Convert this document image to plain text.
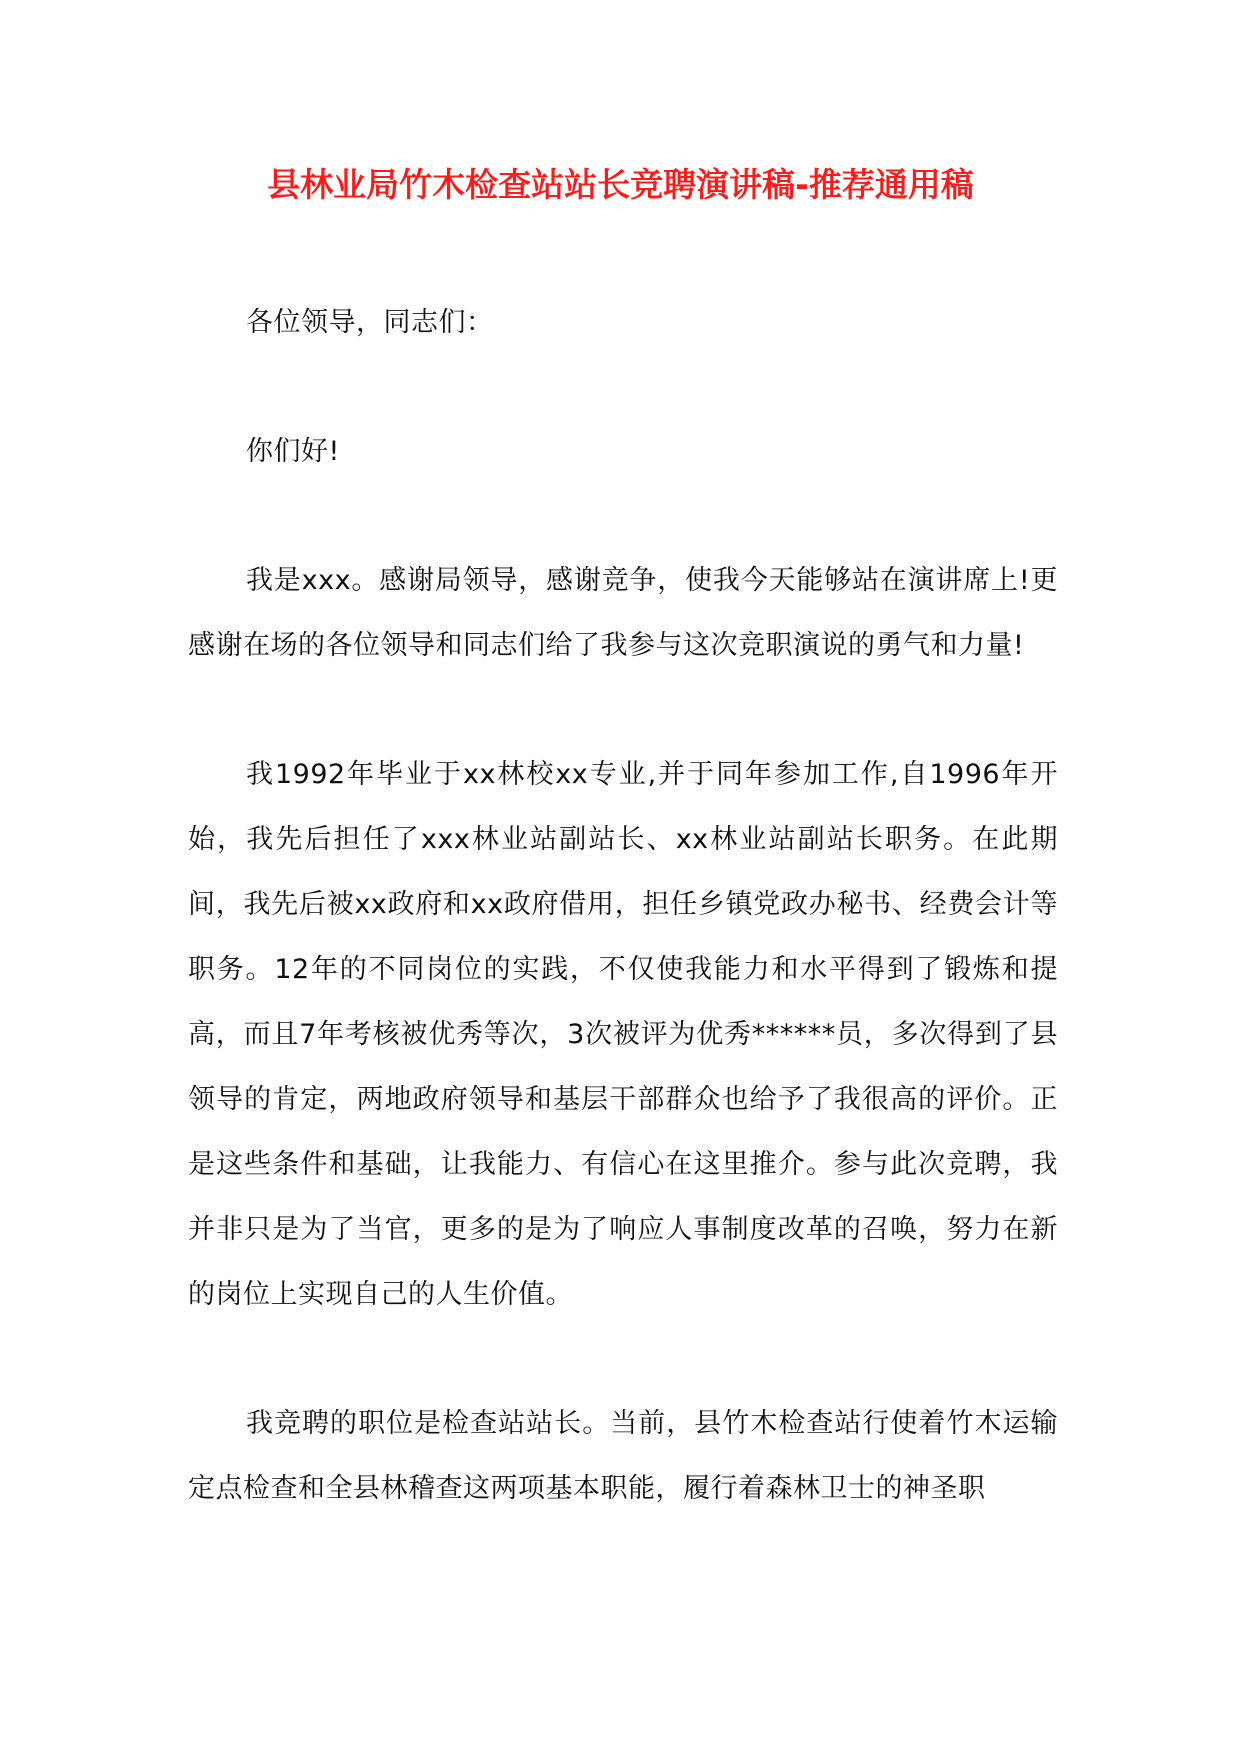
县林业局竹木检查站站长竞聘演讲稿-推荐通用稿

各位领导，同志们：

你们好!

我是xxx。感谢局领导，感谢竞争，使我今天能够站在演讲席上!更感谢在场的各位领导和同志们给了我参与这次竞职演说的勇气和力量!

我1992年毕业于xx林校xx专业,并于同年参加工作,自1996年开始，我先后担任了xxx林业站副站长、xx林业站副站长职务。在此期间，我先后被xx政府和xx政府借用，担任乡镇党政办秘书、经费会计等职务。12年的不同岗位的实践，不仅使我能力和水平得到了锻炼和提高，而且7年考核被优秀等次，3次被评为优秀******员，多次得到了县领导的肯定，两地政府领导和基层干部群众也给予了我很高的评价。正是这些条件和基础，让我能力、有信心在这里推介。参与此次竞聘，我并非只是为了当官，更多的是为了响应人事制度改革的召唤，努力在新的岗位上实现自己的人生价值。

我竞聘的职位是检查站站长。当前，县竹木检查站行使着竹木运输定点检查和全县林稽查这两项基本职能，履行着森林卫士的神圣职
